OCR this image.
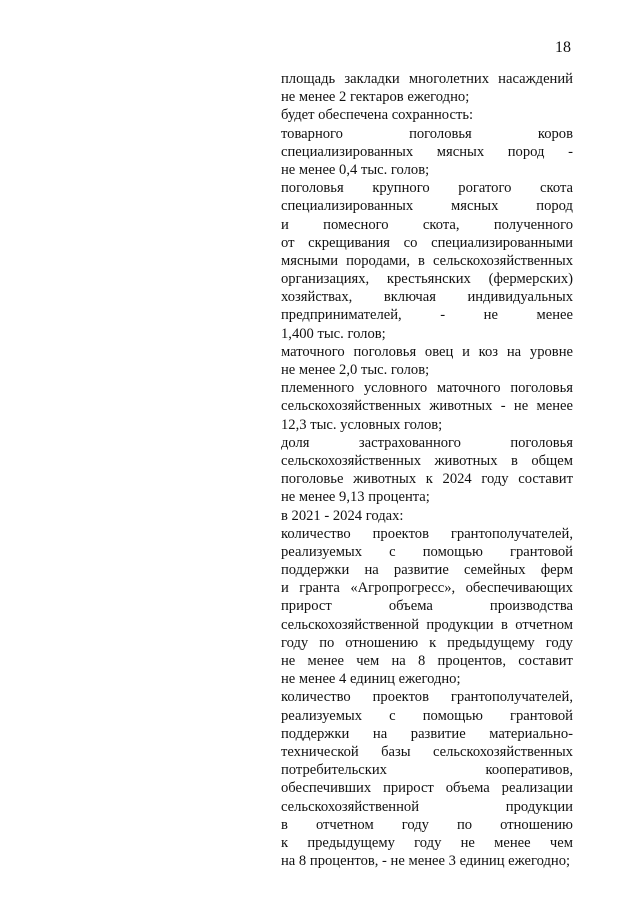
18
площадь закладки многолетних насаждений
не менее 2 гектаров ежегодно;
будет обеспечена сохранность:
товарного	поголовья	коров
специализированных мясных пород -
не менее 0,4 тыс. голов;
поголовья крупного рогатого скота
специализированных	мясных	пород
и помесного скота, полученного
от скрещивания со специализированными
мясными породами, в сельскохозяйственных
организациях, крестьянских (фермерских)
хозяйствах, включая индивидуальных
предпринимателей,	-	не	менее
1,400 тыс. голов;
маточного поголовья овец и коз на уровне
не менее 2,0 тыс. голов;
племенного условного маточного поголовья
сельскохозяйственных животных - не менее
12,3 тыс. условных голов;
доля	застрахованного	поголовья
сельскохозяйственных животных в общем
поголовье животных к 2024 году составит
не менее 9,13 процента;
в 2021 - 2024 годах:
количество проектов грантополучателей,
реализуемых с помощью грантовой
поддержки на развитие семейных ферм
и гранта «Агропрогресс», обеспечивающих
прирост	объема	производства
сельскохозяйственной продукции в отчетном
году по отношению к предыдущему году
не менее чем на 8 процентов, составит
не менее 4 единиц ежегодно;
количество проектов грантополучателей,
реализуемых с помощью грантовой
поддержки на развитие материально-
технической базы сельскохозяйственных
потребительских	кооперативов,
обеспечивших прирост объема реализации
сельскохозяйственной	продукции
в отчетном году по отношению
к предыдущему году не менее чем
на 8 процентов, - не менее 3 единиц ежегодно;
